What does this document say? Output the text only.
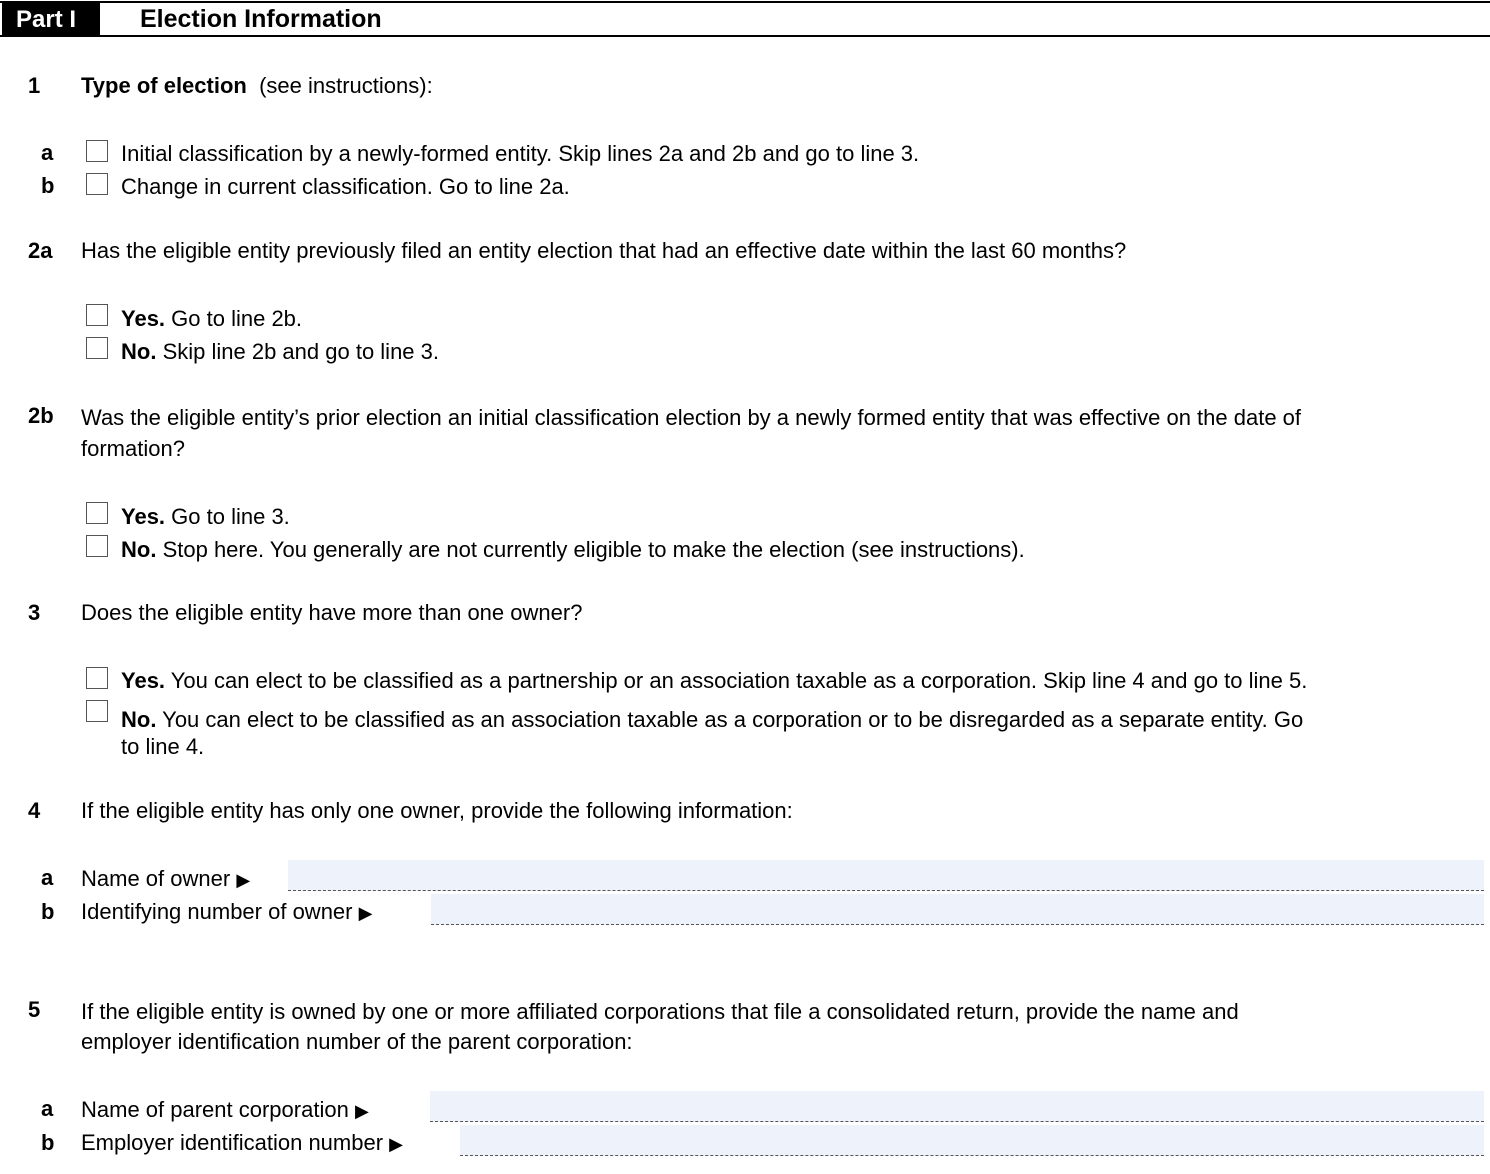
Part I	Election Information
1 Type of election (see instructions):
a	Initial classification by a newly-formed entity. Skip lines 2a and 2b and go to line 3.
b	Change in current classification. Go to line 2a.
2a Has the eligible entity previously filed an entity election that had an effective date within the last 60 months?
Yes. Go to line 2b.
No. Skip line 2b and go to line 3.
2b Was the eligible entity’s prior election an initial classification election by a newly formed entity that was effective on the date of
formation?
Yes. Go to line 3.
No. Stop here. You generally are not currently eligible to make the election (see instructions).
3 Does the eligible entity have more than one owner?
Yes. You can elect to be classified as a partnership or an association taxable as a corporation. Skip line 4 and go to line 5.
No. You can elect to be classified as an association taxable as a corporation or to be disregarded as a separate entity. Go
to line 4.
4 If the eligible entity has only one owner, provide the following information:
a Name of owner ▶
b Identifying number of owner ▶
5 If the eligible entity is owned by one or more affiliated corporations that file a consolidated return, provide the name and
employer identification number of the parent corporation:
a Name of parent corporation ▶
b Employer identification number ▶
